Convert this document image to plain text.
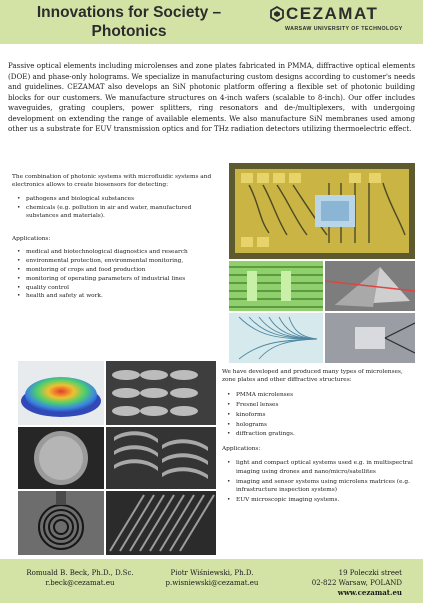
Innovations for Society –
Photonics
CEZAMAT
WARSAW UNIVERSITY OF TECHNOLOGY
Passive optical elements including microlenses and zone plates fabricated in PMMA, diffractive optical elements (DOE) and phase-only holograms. We specialize in manufacturing custom designs according to customer's needs and guidelines. CEZAMAT also develops an SiN photonic platform offering a flexible set of photonic building blocks for our customers. We manufacture structures on 4-inch wafers (scalable to 8-inch). Our offer includes waveguides, grating couplers, power splitters, ring resonators and de-/multiplexers, with undergoing development on extending the range of available elements. We also manufacture SiN membranes used among other us a substrate for EUV transmission optics and for THz radiation detectors utilizing thermoelectric effect.

The combination of photonic systems with microfluidic systems and electronics allows to create biosensors for detecting:

• pathogens and biological substances
• chemicals (e.g. pollution in air and water, manufactured substances and materials).

Applications:

• medical and biotechnological diagnostics and research
• environmental protection, environmental monitoring,
• monitoring of crops and food production
• monitoring of operating parameters of industrial lines
• quality control
• health and safety at work.

We have developed and produced many types of microlenses, zone plates and other diffractive structures:

• PMMA microlenses
• Fresnel lenses
• kinoforms
• holograms
• diffraction gratings.

Applications:

• light and compact optical systems used e.g. in multispectral imaging using drones and nano/micro/satellites
• imaging and sensor systems using microlens matrices (e.g. infrastructure inspection systems)
• EUV microscopic imaging systems.
Romuald B. Beck, Ph.D., D.Sc.
r.beck@cezamat.eu
Piotr Wiśniewski, Ph.D.
p.wisniewski@cezamat.eu
19 Poleczki street
02-822 Warsaw, POLAND
www.cezamat.eu
